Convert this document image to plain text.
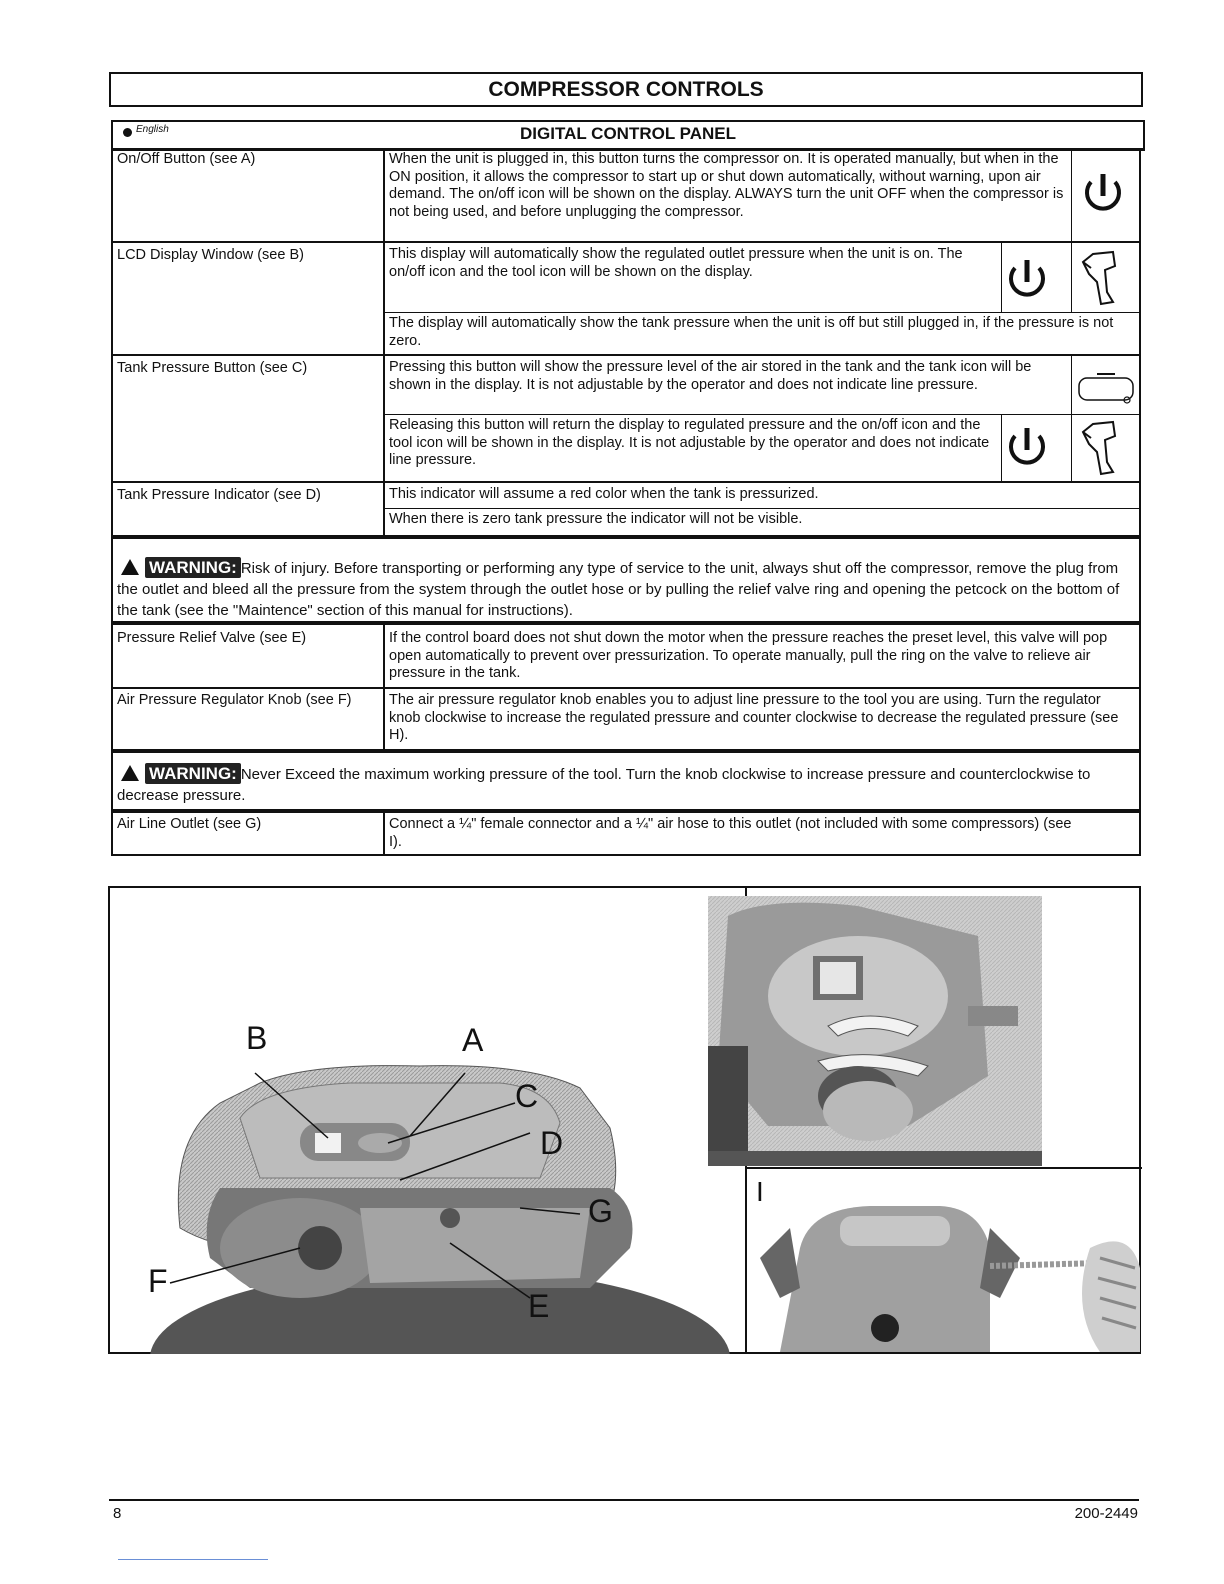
COMPRESSOR CONTROLS
English	DIGITAL CONTROL PANEL
On/Off Button (see A)	When the unit is plugged in, this button turns the compressor on. It is operated manually, but when in the ON position, it allows the compressor to start up or shut down automatically, without warning, upon air demand. The on/off icon will be shown on the display. ALWAYS turn the unit OFF when the compressor is not being used, and before unplugging the compressor.
LCD Display Window (see B)	This display will automatically show the regulated outlet pressure when the unit is on. The on/off icon and the tool icon will be shown on the display.
The display will automatically show the tank pressure when the unit is off but still plugged in, if the pressure is not zero.
Tank Pressure Button (see C)	Pressing this button will show the pressure level of the air stored in the tank and the tank icon will be shown in the display. It is not adjustable by the operator and does not indicate line pressure.
Releasing this button will return the display to regulated pressure and the on/off icon and the tool icon will be shown in the display. It is not adjustable by the operator and does not indicate line pressure.
Tank Pressure Indicator (see D)	This indicator will assume a red color when the tank is pressurized.
When there is zero tank pressure the indicator will not be visible.
WARNING: Risk of injury. Before transporting or performing any type of service to the unit, always shut off the compressor, remove the plug from the outlet and bleed all the pressure from the system through the outlet hose or by pulling the relief valve ring and opening the petcock on the bottom of the tank (see the "Maintence" section of this manual for instructions).
Pressure Relief Valve (see E)	If the control board does not shut down the motor when the pressure reaches the preset level, this valve will pop open automatically to prevent over pressurization. To operate manually, pull the ring on the valve to relieve air pressure in the tank.
Air Pressure Regulator Knob (see F)	The air pressure regulator knob enables you to adjust line pressure to the tool you are using. Turn the regulator knob clockwise to increase the regulated pressure and counter clockwise to decrease the regulated pressure (see H).
WARNING: Never Exceed the maximum working pressure of the tool. Turn the knob clockwise to increase pressure and counterclockwise to decrease pressure.
Air Line Outlet (see G)	Connect a ¼" female connector and a ¼" air hose to this outlet (not included with some compressors) (see I).
B	A
C
D
G
F
E
I
8	200-2449
